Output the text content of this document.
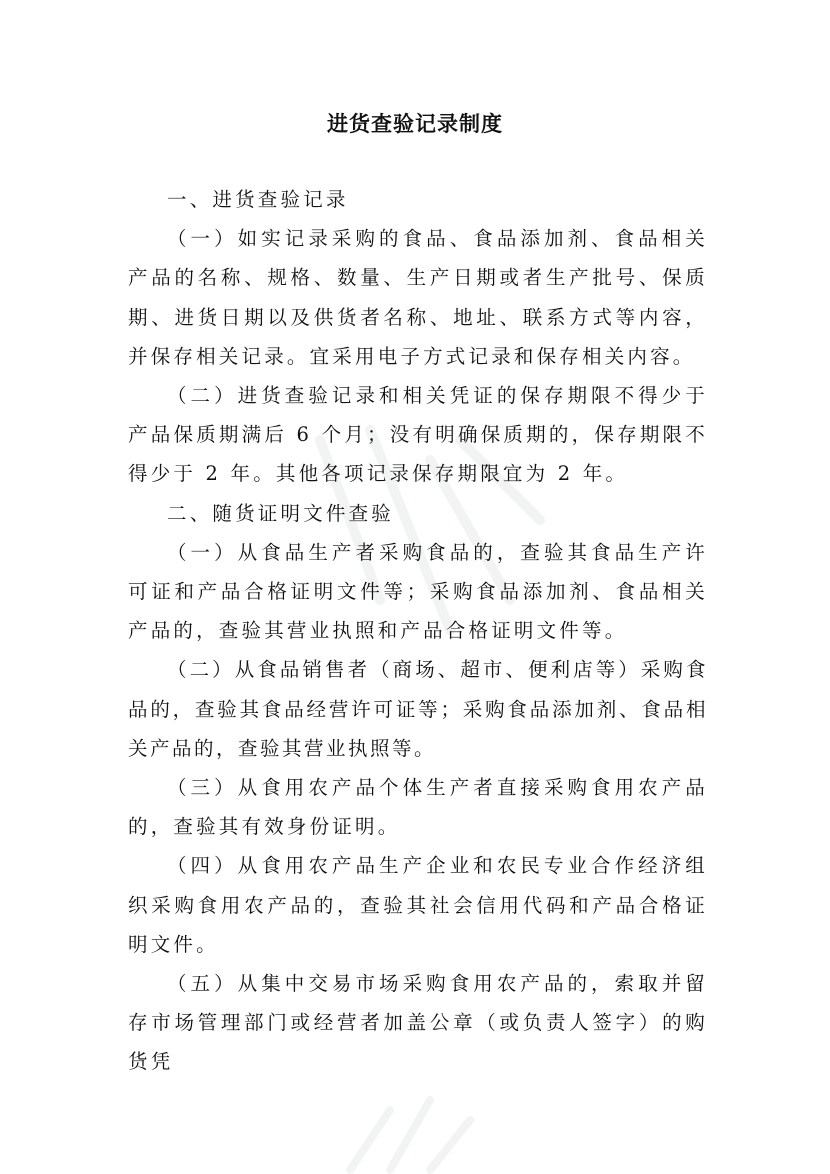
进货查验记录制度

一、进货查验记录

（一）如实记录采购的食品、食品添加剂、食品相关产品的名称、规格、数量、生产日期或者生产批号、保质期、进货日期以及供货者名称、地址、联系方式等内容，并保存相关记录。宜采用电子方式记录和保存相关内容。

（二）进货查验记录和相关凭证的保存期限不得少于产品保质期满后 6 个月；没有明确保质期的，保存期限不得少于 2 年。其他各项记录保存期限宜为 2 年。

二、随货证明文件查验

（一）从食品生产者采购食品的，查验其食品生产许可证和产品合格证明文件等；采购食品添加剂、食品相关产品的，查验其营业执照和产品合格证明文件等。

（二）从食品销售者（商场、超市、便利店等）采购食品的，查验其食品经营许可证等；采购食品添加剂、食品相关产品的，查验其营业执照等。

（三）从食用农产品个体生产者直接采购食用农产品的，查验其有效身份证明。

（四）从食用农产品生产企业和农民专业合作经济组织采购食用农产品的，查验其社会信用代码和产品合格证明文件。

（五）从集中交易市场采购食用农产品的，索取并留存市场管理部门或经营者加盖公章（或负责人签字）的购货凭
